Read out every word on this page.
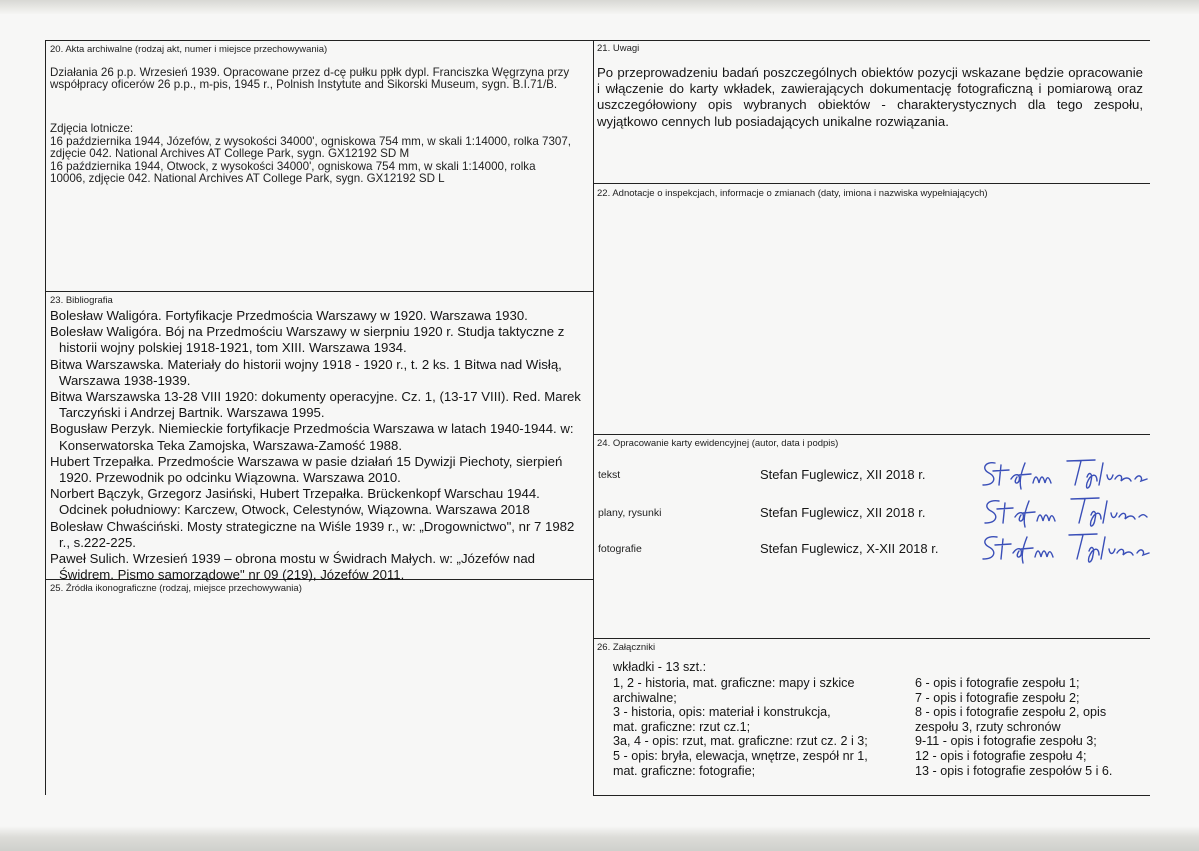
20. Akta archiwalne (rodzaj akt, numer i miejsce przechowywania)
Działania 26 p.p. Wrzesień 1939. Opracowane przez d-cę pułku ppłk dypl. Franciszka Węgrzyna przy współpracy oficerów 26 p.p., m-pis, 1945 r., Polnish Instytute and Sikorski Museum, sygn. B.I.71/B.
Zdjęcia lotnicze:
16 października 1944, Józefów, z wysokości 34000', ogniskowa 754 mm, w skali 1:14000, rolka 7307, zdjęcie 042. National Archives AT College Park, sygn. GX12192 SD M
16 października 1944, Otwock, z wysokości 34000', ogniskowa 754 mm, w skali 1:14000, rolka 10006, zdjęcie 042. National Archives AT College Park, sygn. GX12192 SD L
21. Uwagi
Po przeprowadzeniu badań poszczególnych obiektów pozycji wskazane będzie opracowanie i włączenie do karty wkładek, zawierających dokumentację fotograficzną i pomiarową oraz uszczegółowiony opis wybranych obiektów - charakterystycznych dla tego zespołu, wyjątkowo cennych lub posiadających unikalne rozwiązania.
22. Adnotacje o inspekcjach, informacje o zmianach (daty, imiona i nazwiska wypełniających)
23. Bibliografia

Bolesław Waligóra. Fortyfikacje Przedmościa Warszawy w 1920. Warszawa 1930.

Bolesław Waligóra. Bój na Przedmościu Warszawy w sierpniu 1920 r. Studja taktyczne z historii wojny polskiej 1918-1921, tom XIII. Warszawa 1934.

Bitwa Warszawska. Materiały do historii wojny 1918 - 1920 r., t. 2 ks. 1 Bitwa nad Wisłą, Warszawa 1938-1939.

Bitwa Warszawska 13-28 VIII 1920: dokumenty operacyjne. Cz. 1, (13-17 VIII). Red. Marek Tarczyński i Andrzej Bartnik. Warszawa 1995.

Bogusław Perzyk. Niemieckie fortyfikacje Przedmościa Warszawa w latach 1940-1944. w: Konserwatorska Teka Zamojska, Warszawa-Zamość 1988.

Hubert Trzepałka. Przedmoście Warszawa w pasie działań 15 Dywizji Piechoty, sierpień 1920. Przewodnik po odcinku Wiązowna. Warszawa 2010.

Norbert Bączyk, Grzegorz Jasiński, Hubert Trzepałka. Brückenkopf Warschau 1944. Odcinek południowy: Karczew, Otwock, Celestynów, Wiązowna. Warszawa 2018

Bolesław Chwaściński. Mosty strategiczne na Wiśle 1939 r., w: „Drogownictwo", nr 7 1982 r., s.222-225.

Paweł Sulich. Wrzesień 1939 – obrona mostu w Świdrach Małych. w: „Józefów nad Świdrem. Pismo samorządowe" nr 09 (219), Józefów 2011.

25. Źródła ikonograficzne (rodzaj, miejsce przechowywania)
24. Opracowanie karty ewidencyjnej (autor, data i podpis)
tekst	Stefan Fuglewicz, XII 2018 r.
plany, rysunki	Stefan Fuglewicz, XII 2018 r.
fotografie	Stefan Fuglewicz, X-XII 2018 r.
26. Załączniki
wkładki - 13 szt.:
1, 2 - historia, mat. graficzne: mapy i szkice
archiwalne;
3 - historia, opis: materiał i konstrukcja,
mat. graficzne: rzut cz.1;
3a, 4 - opis: rzut, mat. graficzne: rzut cz. 2 i 3;
5 - opis: bryła, elewacja, wnętrze, zespół nr 1,
mat. graficzne: fotografie;
6 - opis i fotografie zespołu 1;
7 - opis i fotografie zespołu 2;
8 - opis i fotografie zespołu 2, opis
zespołu 3, rzuty schronów
9-11 - opis i fotografie zespołu 3;
12 - opis i fotografie zespołu 4;
13 - opis i fotografie zespołów 5 i 6.
